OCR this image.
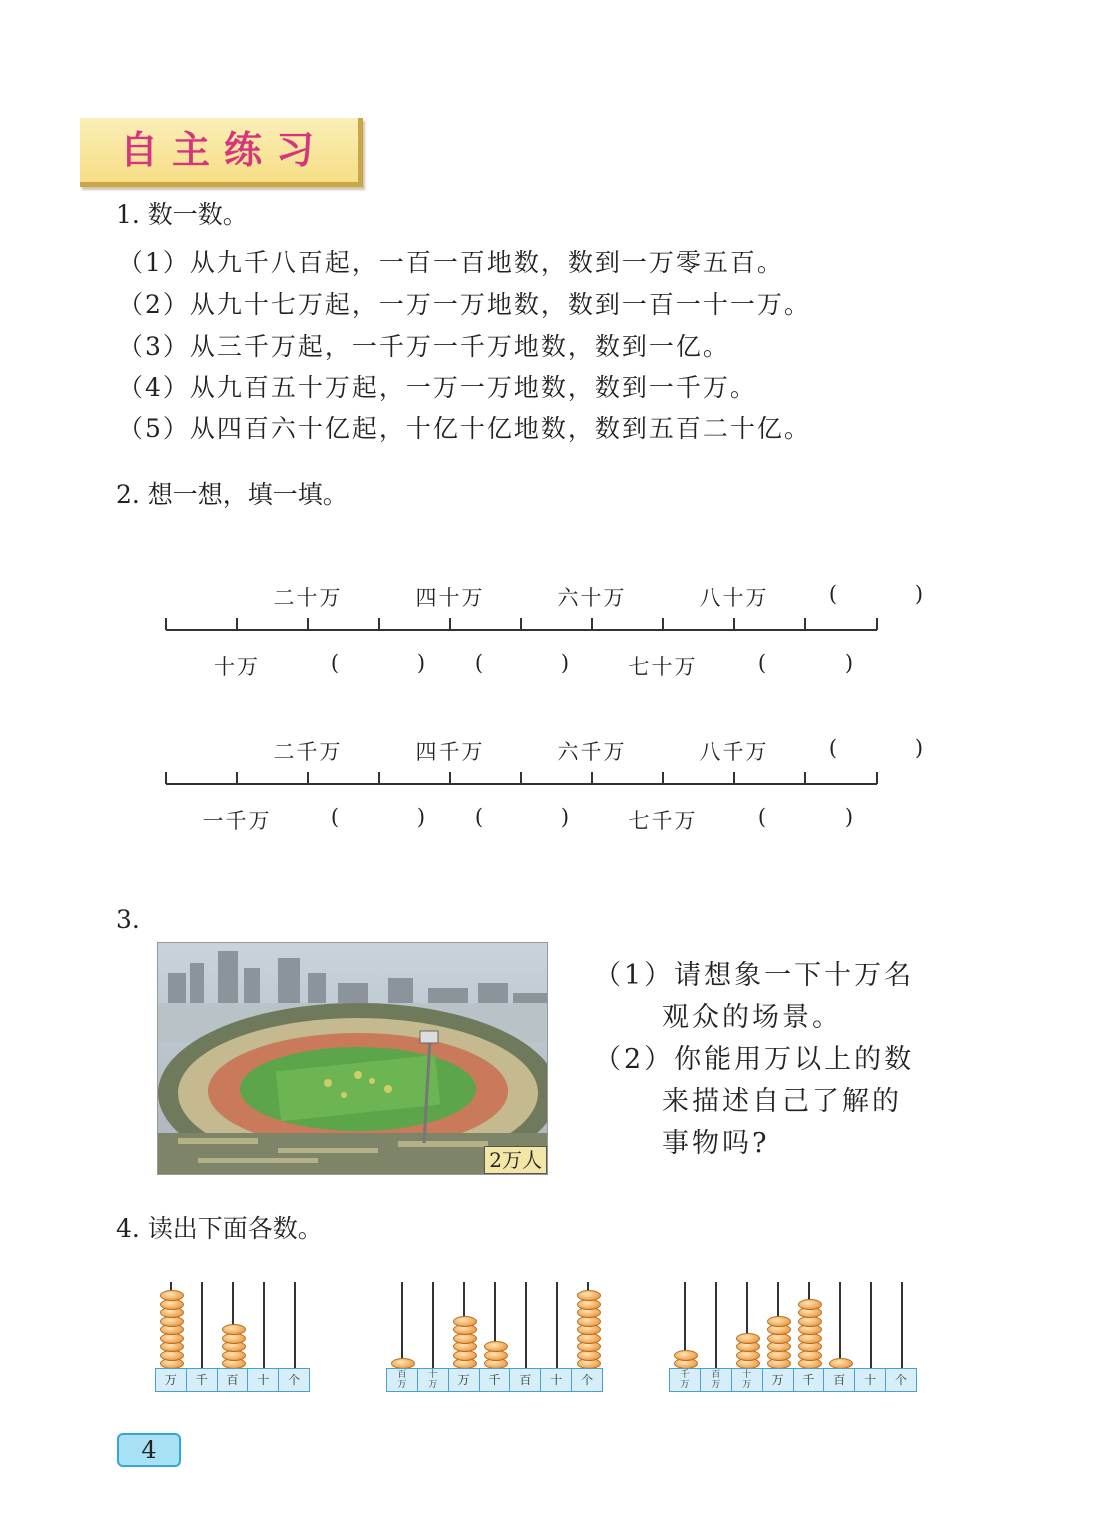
自主练习
1. 数一数。
（1）从九千八百起，一百一百地数，数到一万零五百。
（2）从九十七万起，一万一万地数，数到一百一十一万。
（3）从三千万起，一千万一千万地数，数到一亿。
（4）从九百五十万起，一万一万地数，数到一千万。
（5）从四百六十亿起，十亿十亿地数，数到五百二十亿。
2. 想一想，填一填。
二十万	四十万	六十万	八十万	(	)
十万	(	) (	)	七十万	(	)
二千万	四千万	六千万	八千万	(	)
一千万	(	) (	)	七千万	(	)
3.
2万人
（1）请想象一下十万名
观众的场景。
（2）你能用万以上的数
来描述自己了解的
事物吗?
4. 读出下面各数。
万	千	百	十	个	百
万
十
万	万	千	百	十	个	千
万
百
万
十
万	万	千	百	十	个
4
